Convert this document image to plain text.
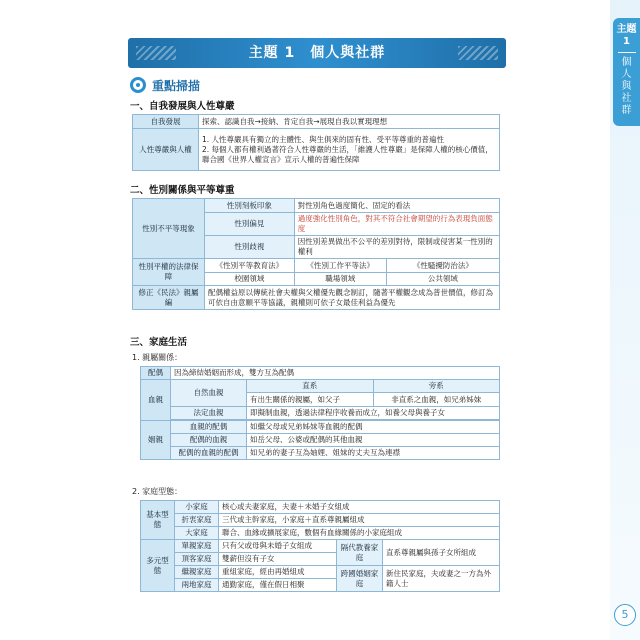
主題
1
個
人
與
社
群
5
主題 1　個人與社群
重點掃描
一、自我發展與人性尊嚴
自我發展	探索、認識自我→接納、肯定自我→展現自我以實現理想
人性尊嚴與人權	1. 人性尊嚴具有獨立的主體性、與生俱來的固有性、受平等尊重的普遍性
2. 每個人都有權利過著符合人性尊嚴的生活，「維護人性尊嚴」是保障人權的核心價值，聯合國《世界人權宣言》宣示人權的普遍性保障
二、性別關係與平等尊重
性別不平等現象	性別刻板印象	對性別角色過度簡化、固定的看法	
	性別偏見	過度強化性別角色，對其不符合社會期望的行為表現負面態度	
	性別歧視	因性別差異做出不公平的差別對待，限制或侵害某一性別的權利	
性別平權的法律保障	《性別平等教育法》	《性別工作平等法》	《性騷擾防治法》
	校園領域	職場領域	公共領域
修正《民法》親屬編	配偶權益原以傳統社會夫權與父權優先觀念制訂，隨著平權觀念成為普世價值，修訂為可依自由意願平等協議，親權則可依子女最佳利益為優先		
三、家庭生活
1. 親屬關係：
配偶	因為締結婚姻而形成，雙方互為配偶		
血親	自然血親	直系	旁系
		有出生關係的親屬，如父子	非直系之血親，如兄弟姊妹
	法定血親	即擬制血親，透過法律程序收養而成立，如養父母與養子女	

姻親	血親的配偶	如繼父母或兄弟姊妹等血親的配偶	
	配偶的血親	如岳父母、公婆或配偶的其他血親	
	配偶的血親的配偶	如兄弟的妻子互為妯娌、姐妹的丈夫互為連襟	
2. 家庭型態：
基本型態	小家庭	核心或夫妻家庭，夫妻＋未婚子女組成		
	折衷家庭	三代或主幹家庭，小家庭＋直系尊親屬組成		
	大家庭	聯合、血緣或擴展家庭，數個有血緣關係的小家庭組成		
多元型態	單親家庭	只有父或母與未婚子女組成	隔代教養家庭	直系尊親屬與孫子女所組成
	頂客家庭	雙薪但沒有子女		
	繼親家庭	重組家庭，經由再婚組成	跨國婚姻家庭	新住民家庭，夫或妻之一方為外籍人士
	兩地家庭	通勤家庭，僅在假日相聚		
